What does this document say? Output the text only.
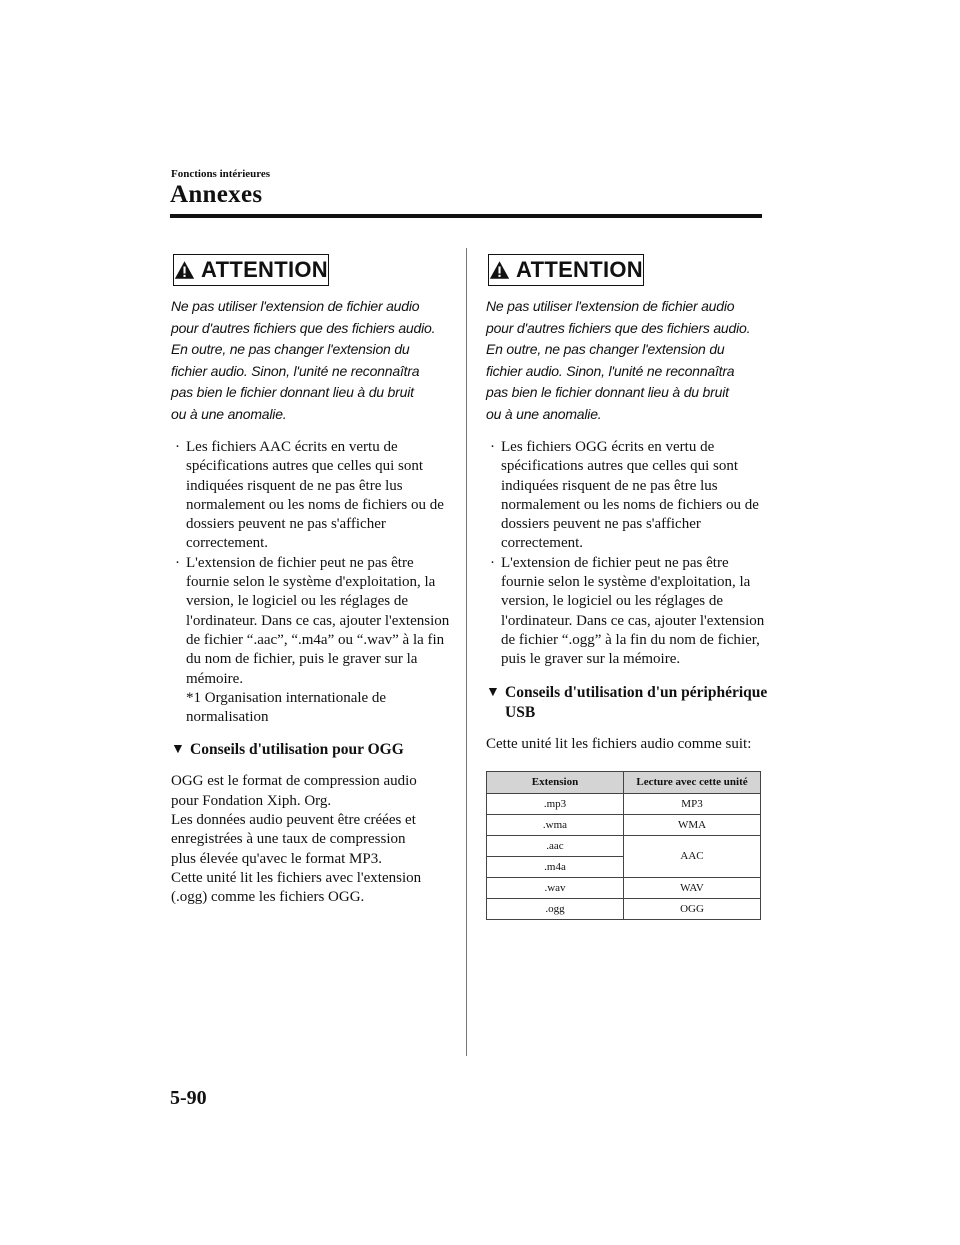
Fonctions intérieures
Annexes
ATTENTION
Ne pas utiliser l'extension de fichier audio
pour d'autres fichiers que des fichiers audio.
En outre, ne pas changer l'extension du
fichier audio. Sinon, l'unité ne reconnaîtra
pas bien le fichier donnant lieu à du bruit
ou à une anomalie.
· Les fichiers AAC écrits en vertu de spécifications autres que celles qui sont indiquées risquent de ne pas être lus normalement ou les noms de fichiers ou de dossiers peuvent ne pas s'afficher correctement.
· L'extension de fichier peut ne pas être fournie selon le système d'exploitation, la version, le logiciel ou les réglages de l'ordinateur. Dans ce cas, ajouter l'extension de fichier “.aac”, “.m4a” ou “.wav” à la fin du nom de fichier, puis le graver sur la mémoire.
*1 Organisation internationale de normalisation
▼ Conseils d'utilisation pour OGG
OGG est le format de compression audio
pour Fondation Xiph. Org.
Les données audio peuvent être créées et
enregistrées à une taux de compression
plus élevée qu'avec le format MP3.
Cette unité lit les fichiers avec l'extension
(.ogg) comme les fichiers OGG.
ATTENTION
Ne pas utiliser l'extension de fichier audio
pour d'autres fichiers que des fichiers audio.
En outre, ne pas changer l'extension du
fichier audio. Sinon, l'unité ne reconnaîtra
pas bien le fichier donnant lieu à du bruit
ou à une anomalie.
· Les fichiers OGG écrits en vertu de spécifications autres que celles qui sont indiquées risquent de ne pas être lus normalement ou les noms de fichiers ou de dossiers peuvent ne pas s'afficher correctement.
· L'extension de fichier peut ne pas être fournie selon le système d'exploitation, la version, le logiciel ou les réglages de l'ordinateur. Dans ce cas, ajouter l'extension de fichier “.ogg” à la fin du nom de fichier, puis le graver sur la mémoire.
▼ Conseils d'utilisation d'un périphérique USB
Cette unité lit les fichiers audio comme suit:
Extension	Lecture avec cette unité
.mp3	MP3
.wma	WMA
.aac	AAC
.m4a	
.wav	WAV
.ogg	OGG
5-90
